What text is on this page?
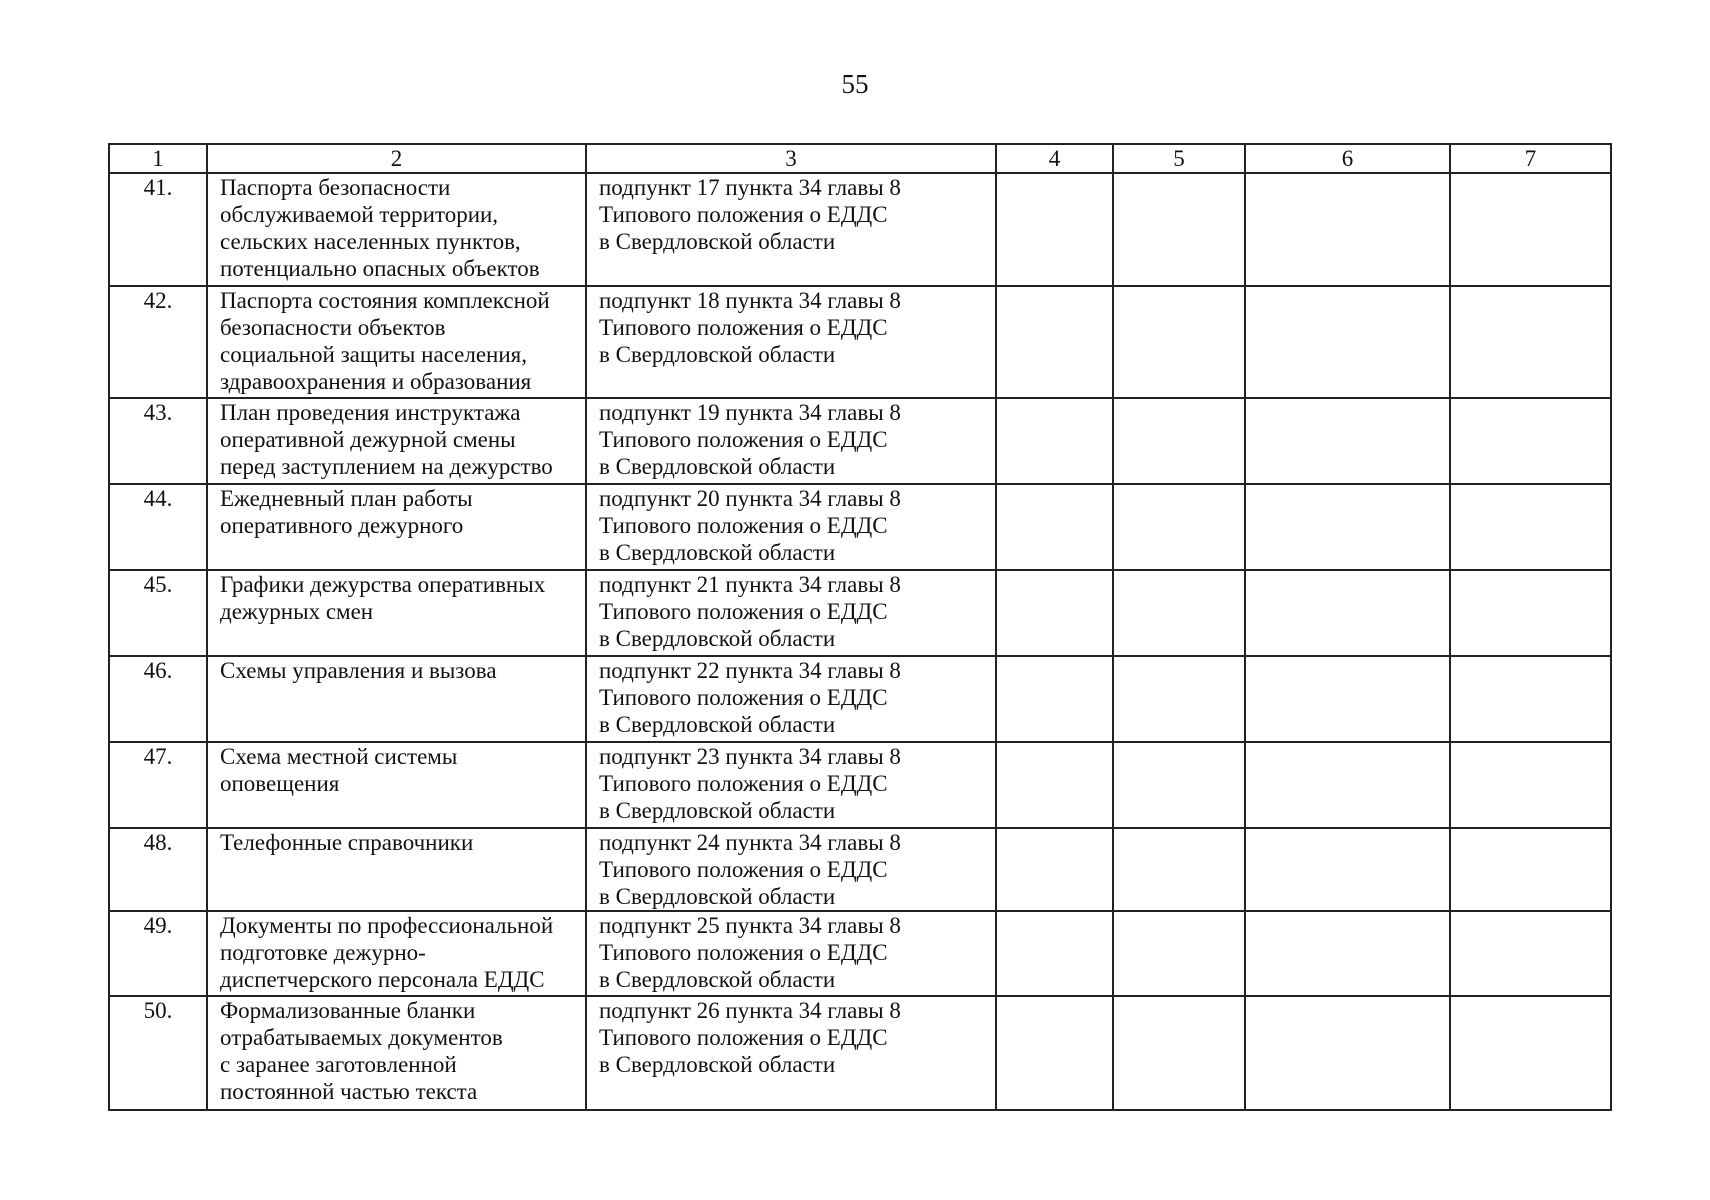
55
1	2	3	4	5	6	7
41.	Паспорта безопасности
обслуживаемой территории,
сельских населенных пунктов,
потенциально опасных объектов	подпункт 17 пункта 34 главы 8
Типового положения о ЕДДС
в Свердловской области				

42.	Паспорта состояния комплексной
безопасности объектов
социальной защиты населения,
здравоохранения и образования	подпункт 18 пункта 34 главы 8
Типового положения о ЕДДС
в Свердловской области				

43.	План проведения инструктажа
оперативной дежурной смены
перед заступлением на дежурство	подпункт 19 пункта 34 главы 8
Типового положения о ЕДДС
в Свердловской области				

44.	Ежедневный план работы
оперативного дежурного	подпункт 20 пункта 34 главы 8
Типового положения о ЕДДС
в Свердловской области				

45.	Графики дежурства оперативных
дежурных смен	подпункт 21 пункта 34 главы 8
Типового положения о ЕДДС
в Свердловской области				

46.	Схемы управления и вызова	подпункт 22 пункта 34 главы 8
Типового положения о ЕДДС
в Свердловской области				

47.	Схема местной системы
оповещения	подпункт 23 пункта 34 главы 8
Типового положения о ЕДДС
в Свердловской области				

48.	Телефонные справочники	подпункт 24 пункта 34 главы 8
Типового положения о ЕДДС
в Свердловской области				

49.	Документы по профессиональной
подготовке дежурно-
диспетчерского персонала ЕДДС	подпункт 25 пункта 34 главы 8
Типового положения о ЕДДС
в Свердловской области				

50.	Формализованные бланки
отрабатываемых документов
с заранее заготовленной
постоянной частью текста	подпункт 26 пункта 34 главы 8
Типового положения о ЕДДС
в Свердловской области				
